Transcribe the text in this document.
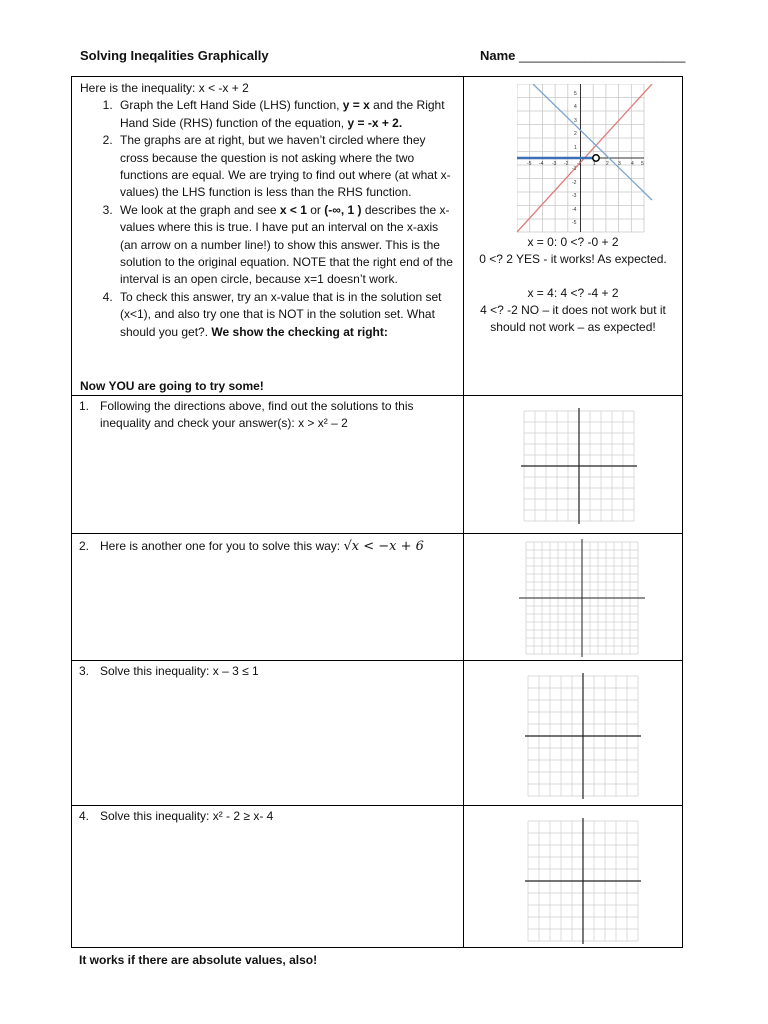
Solving Ineqalities Graphically	Name _______________________
Here is the inequality: x < -x + 2
1. Graph the Left Hand Side (LHS) function, y = x and the Right Hand Side (RHS) function of the equation, y = -x + 2.
2. The graphs are at right, but we haven’t circled where they cross because the question is not asking where the two functions are equal. We are trying to find out where (at what x-values) the LHS function is less than the RHS function.
3. We look at the graph and see x < 1 or (-∞, 1 ) describes the x-values where this is true. I have put an interval on the x-axis (an arrow on a number line!) to show this answer. This is the solution to the original equation. NOTE that the right end of the interval is an open circle, because x=1 doesn’t work.
4. To check this answer, try an x-value that is in the solution set (x<1), and also try one that is NOT in the solution set. What should you get?. We show the checking at right:
Now YOU are going to try some!
-5 -4 -3 -2 -1 1 2 3 4 5
5
4
3
2
1
-1
-2
-3
-4
-5
x = 0: 0 <? -0 + 2
0 <? 2 YES - it works! As expected.
x = 4: 4 <? -4 + 2
4 <? -2 NO – it does not work but it
should not work – as expected!
1. Following the directions above, find out the solutions to this inequality and check your answer(s): x > x² – 2
2. Here is another one for you to solve this way: √x < −x + 6
3. Solve this inequality: x – 3 ≤ 1
4. Solve this inequality: x² - 2 ≥ x- 4
It works if there are absolute values, also!
